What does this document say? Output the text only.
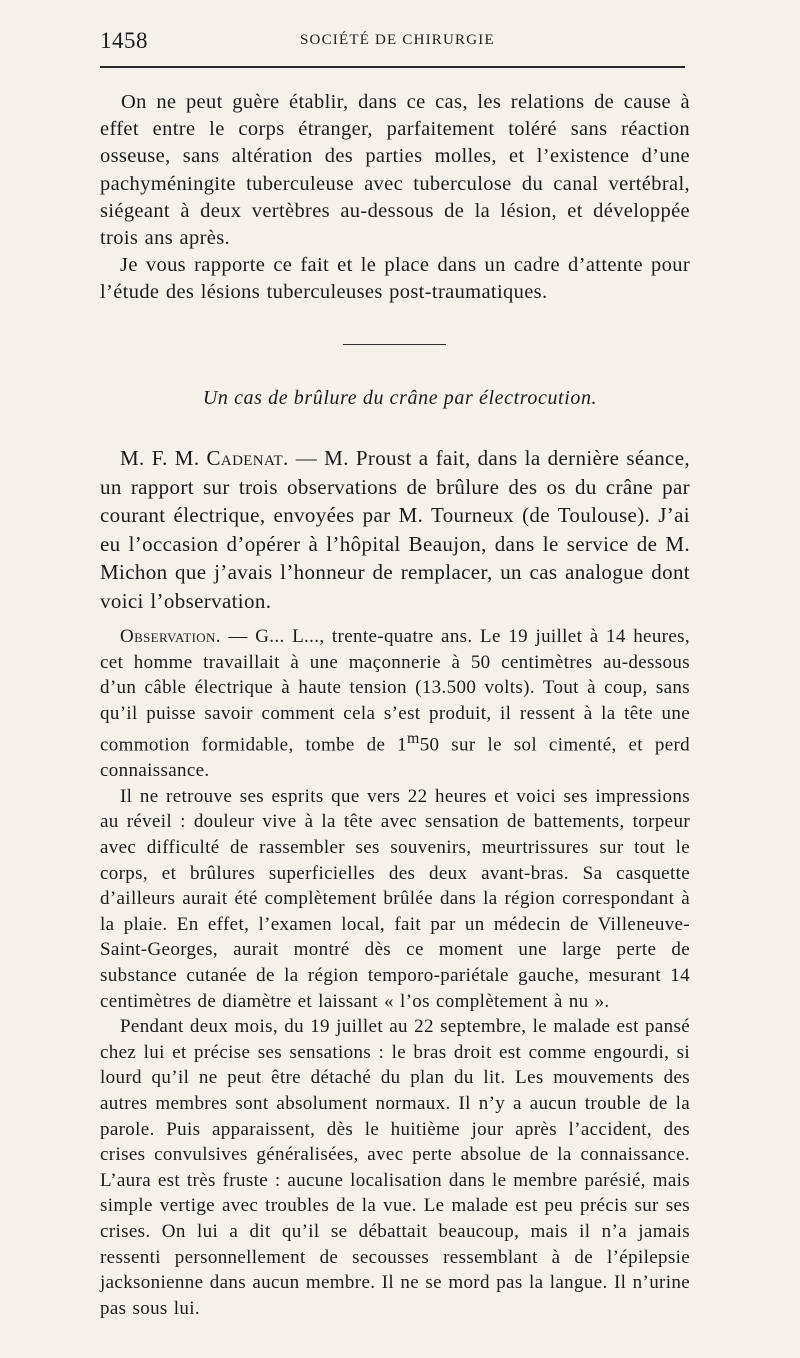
1458	SOCIÉTÉ DE CHIRURGIE

On ne peut guère établir, dans ce cas, les relations de cause à effet entre le corps étranger, parfaitement toléré sans réaction osseuse, sans altération des parties molles, et l’existence d’une pachyméningite tuberculeuse avec tuberculose du canal vertébral, siégeant à deux vertèbres au-dessous de la lésion, et développée trois ans après.

Je vous rapporte ce fait et le place dans un cadre d’attente pour l’étude des lésions tuberculeuses post-traumatiques.

Un cas de brûlure du crâne par électrocution.

M. F. M. Cadenat. — M. Proust a fait, dans la dernière séance, un rapport sur trois observations de brûlure des os du crâne par courant électrique, envoyées par M. Tourneux (de Toulouse). J’ai eu l’occasion d’opérer à l’hôpital Beaujon, dans le service de M. Michon que j’avais l’honneur de remplacer, un cas analogue dont voici l’observation.

Observation. — G... L..., trente-quatre ans. Le 19 juillet à 14 heures, cet homme travaillait à une maçonnerie à 50 centimètres au-dessous d’un câble électrique à haute tension (13.500 volts). Tout à coup, sans qu’il puisse savoir comment cela s’est produit, il ressent à la tête une commotion formidable, tombe de 1$^m$50 sur le sol cimenté, et perd connaissance.

Il ne retrouve ses esprits que vers 22 heures et voici ses impressions au réveil : douleur vive à la tête avec sensation de battements, torpeur avec difficulté de rassembler ses souvenirs, meurtrissures sur tout le corps, et brûlures superficielles des deux avant-bras. Sa casquette d’ailleurs aurait été complètement brûlée dans la région correspondant à la plaie. En effet, l’examen local, fait par un médecin de Villeneuve-Saint-Georges, aurait montré dès ce moment une large perte de substance cutanée de la région temporo-pariétale gauche, mesurant 14 centimètres de diamètre et laissant « l’os complètement à nu ».

Pendant deux mois, du 19 juillet au 22 septembre, le malade est pansé chez lui et précise ses sensations : le bras droit est comme engourdi, si lourd qu’il ne peut être détaché du plan du lit. Les mouvements des autres membres sont absolument normaux. Il n’y a aucun trouble de la parole. Puis apparaissent, dès le huitième jour après l’accident, des crises convulsives généralisées, avec perte absolue de la connaissance. L’aura est très fruste : aucune localisation dans le membre parésié, mais simple vertige avec troubles de la vue. Le malade est peu précis sur ses crises. On lui a dit qu’il se débattait beaucoup, mais il n’a jamais ressenti personnellement de secousses ressemblant à de l’épilepsie jacksonienne dans aucun membre. Il ne se mord pas la langue. Il n’urine pas sous lui.
